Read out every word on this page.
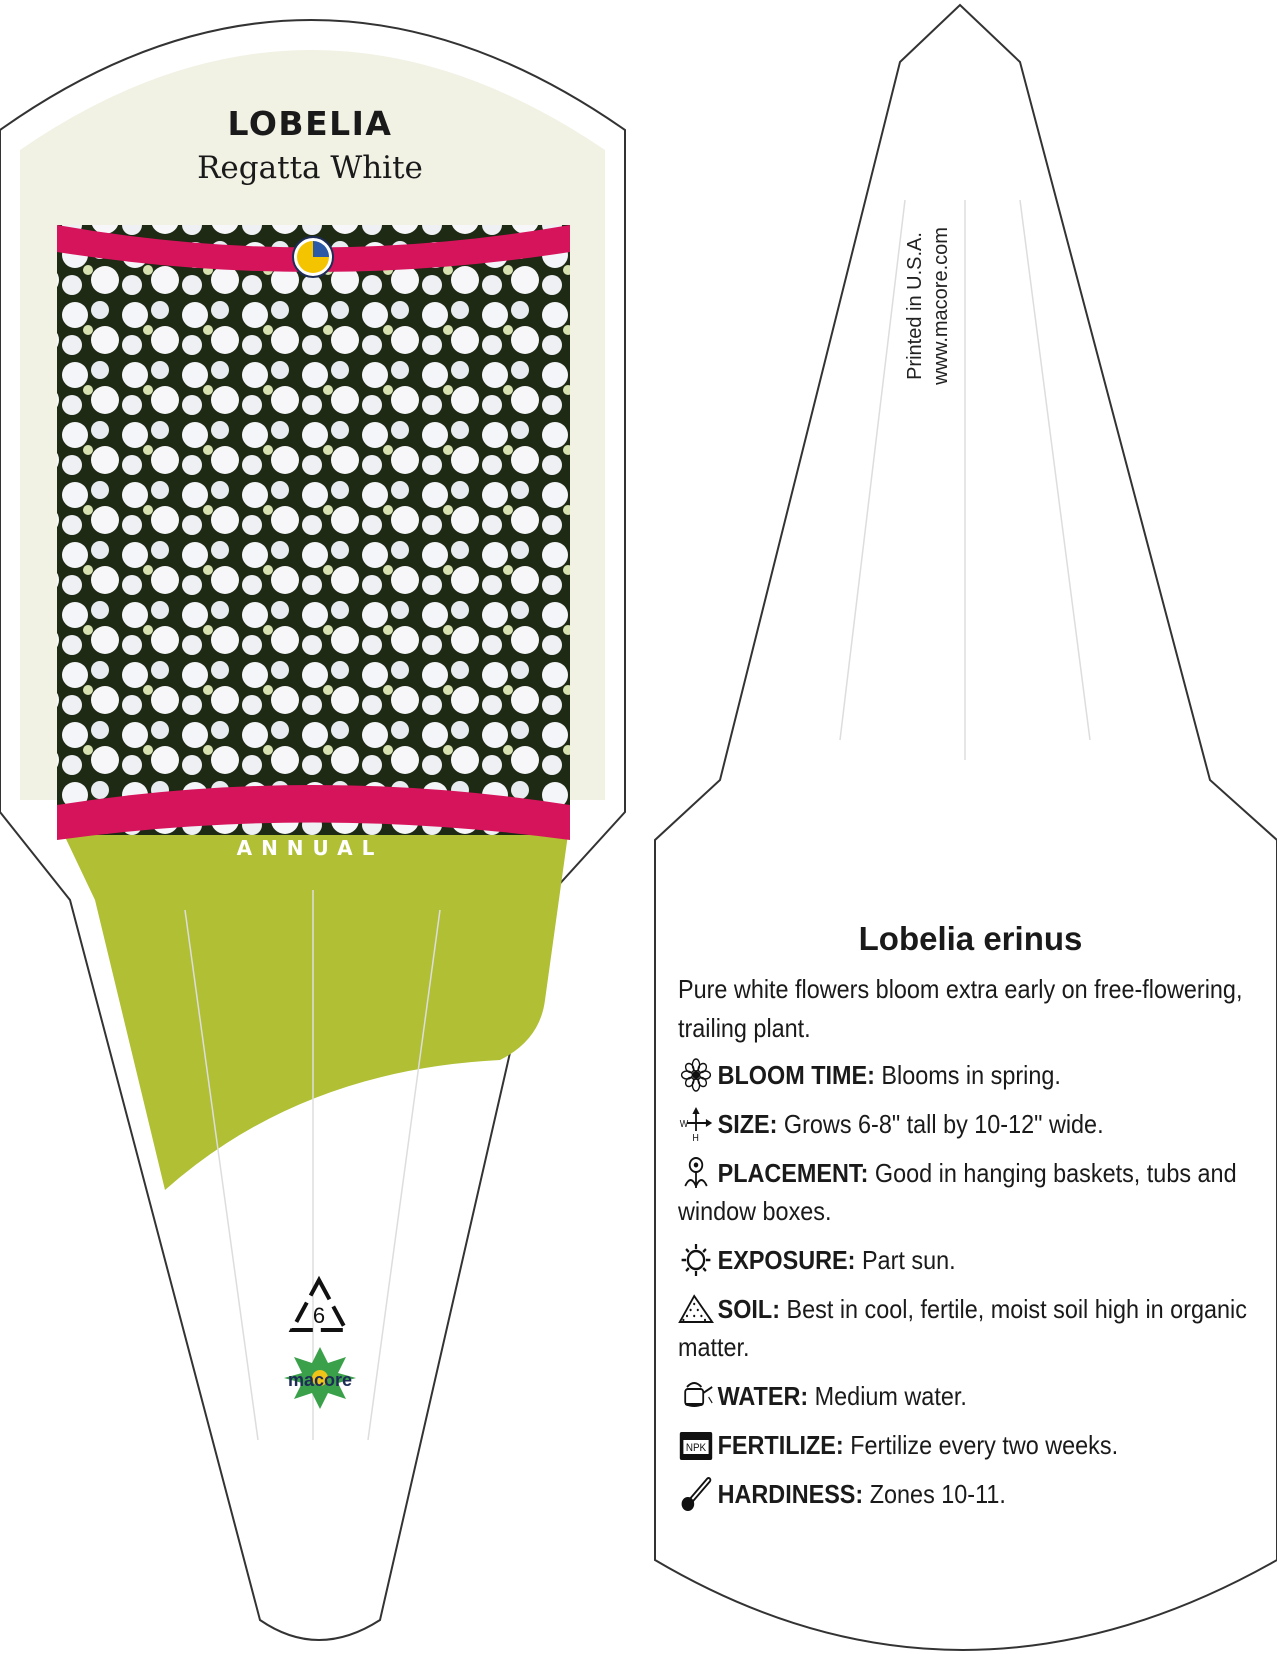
LOBELIA
Regatta White
ANNUAL
6
macore
Printed in U.S.A. www.macore.com
Lobelia erinus
Pure white flowers bloom extra early on free-flowering, trailing plant.
BLOOM TIME: Blooms in spring.
W
H SIZE: Grows 6-8" tall by 10-12" wide.
PLACEMENT: Good in hanging baskets, tubs and window boxes.
EXPOSURE: Part sun.
SOIL: Best in cool, fertile, moist soil high in organic matter.
WATER: Medium water.
NPK FERTILIZE: Fertilize every two weeks.
HARDINESS: Zones 10-11.
